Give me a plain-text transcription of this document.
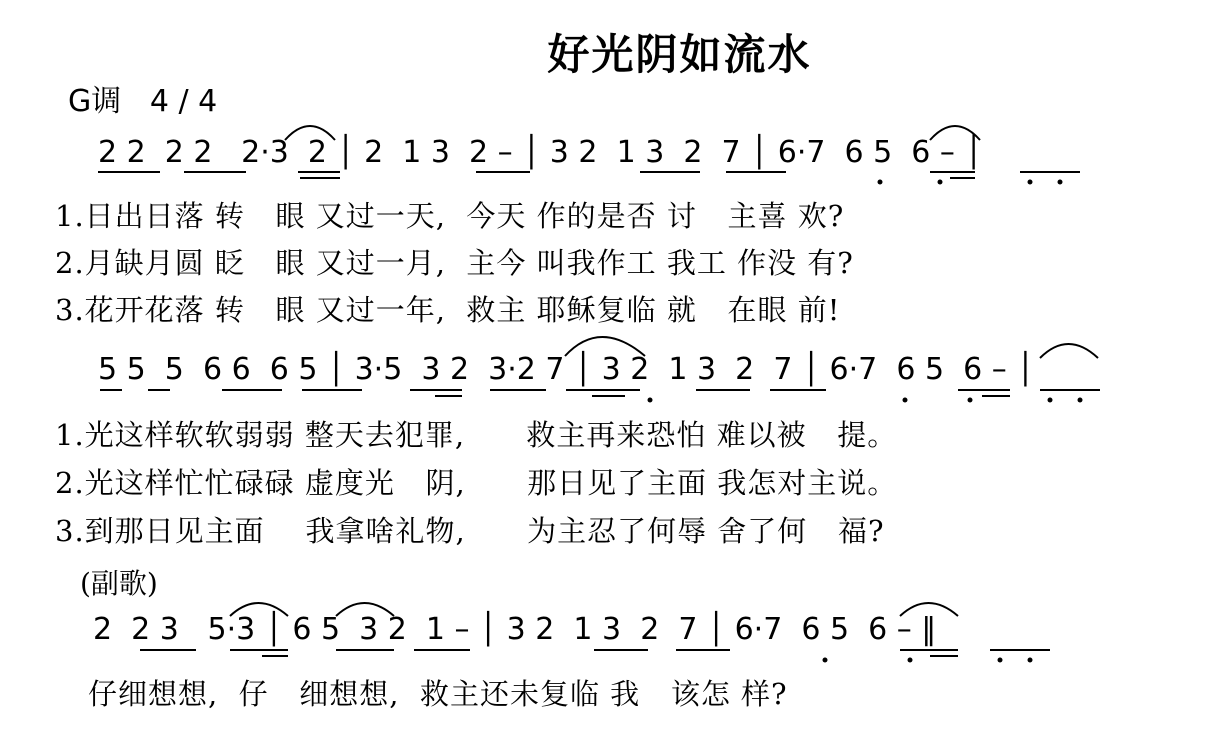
好光阴如流水
G调   4 / 4
2 2  2 2   2·3  2 │ 2  1 3  2 – │ 3 2  1 3  2  7 │ 6·7  6 5  6 – │
1.日出日落 转   眼 又过一天,  今天 作的是否 讨   主喜 欢?
2.月缺月圆 眨   眼 又过一月,  主今 叫我作工 我工 作没 有?
3.花开花落 转   眼 又过一年,  救主 耶稣复临 就   在眼 前!
5 5  5  6 6  6 5 │ 3·5  3 2  3·2 7 │ 3 2  1 3  2  7 │ 6·7  6 5  6 – │
1.光这样软软弱弱 整天去犯罪,      救主再来恐怕 难以被   提。
2.光这样忙忙碌碌 虚度光   阴,      那日见了主面 我怎对主说。
3.到那日见主面    我拿啥礼物,      为主忍了何辱 舍了何   福?
(副歌)
2  2 3   5·3 │ 6 5  3 2  1 – │ 3 2  1 3  2  7 │ 6·7  6 5  6 – ‖
仔细想想,  仔   细想想,  救主还未复临 我   该怎 样?
